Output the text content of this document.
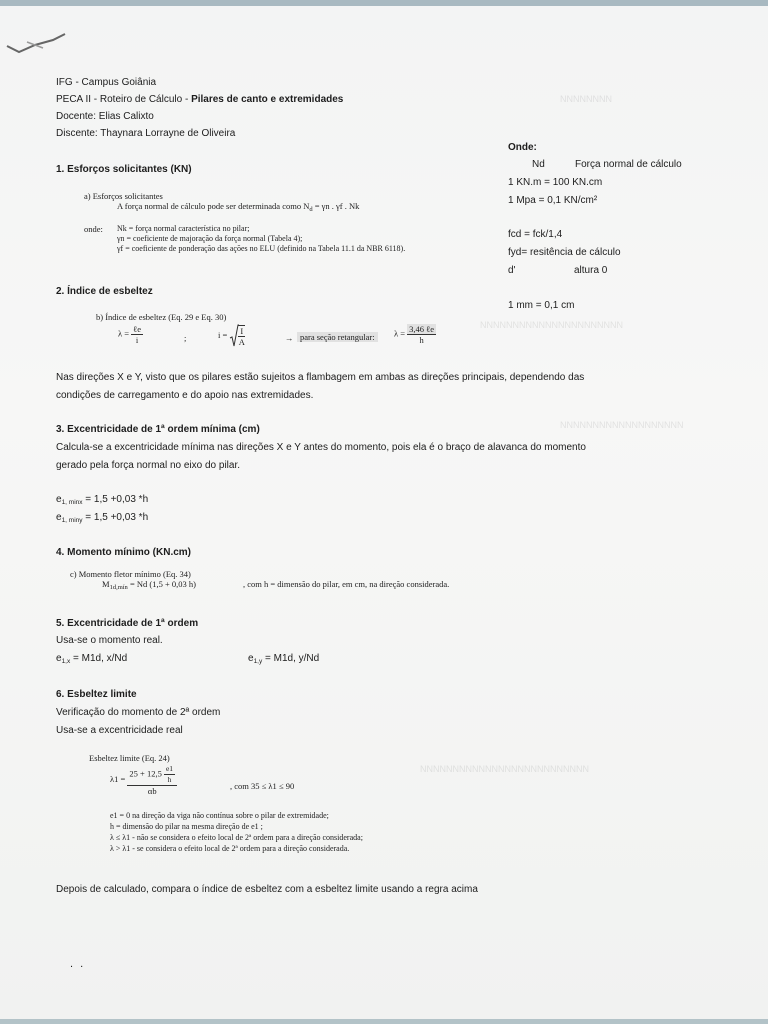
NNNNNNNN
NNNNNNNNNNNNNNNNNNNNNN
NNNNNNNNNNNNNNNNNNN
NNNNNNNNNNNNNNNNNNNNNNNNNN
IFG - Campus Goiânia
PECA II - Roteiro de Cálculo - Pilares de canto e extremidades
Docente: Elias Calixto
Discente: Thaynara Lorrayne de Oliveira
Onde:
Nd	Força normal de cálculo
1 KN.m = 100 KN.cm
1 Mpa = 0,1 KN/cm²
fcd = fck/1,4
fyd= resitência de cálculo
d'	altura 0
1 mm = 0,1 cm
1. Esforços solicitantes (KN)
a) Esforços solicitantes
A força normal de cálculo pode ser determinada como $N_d = \gamma n$ . γf . Nk
onde: Nk = força normal característica no pilar;
γn = coeficiente de majoração da força normal (Tabela 4);
γf = coeficiente de ponderação das ações no ELU (definido na Tabela 11.1 da NBR 6118).
2. Índice de esbeltez
b) Índice de esbeltez (Eq. 29 e Eq. 30)
$\lambda = \frac{\text{ℓe}}{i}$	;	$i = \frac{I}{A}$	→ para seção retangular:	$\lambda = \frac{\text{3,46 ℓe}}{h}$
Nas direções X e Y, visto que os pilares estão sujeitos a flambagem em ambas as direções principais, dependendo das
condições de carregamento e do apoio nas extremidades.
3. Excentricidade de 1ª ordem mínima (cm)
Calcula-se a excentricidade mínima nas direções X e Y antes do momento, pois ela é o braço de alavanca do momento
gerado pela força normal no eixo do pilar.
$e_{1, minx} = 1,5 +0,03$ *h
$e_{1, miny} = 1,5 +0,03$ *h
4. Momento mínimo (KN.cm)
c) Momento fletor mínimo (Eq. 34)
$M_{1d,mín} = Nd$ (1,5 + 0,03 h)	, com h = dimensão do pilar, em cm, na direção considerada.
5. Excentricidade de 1ª ordem
Usa-se o momento real.
$e_{1,x} = M1d$, x/Nd	$e_{1,y} = M1d$, y/Nd
6. Esbeltez limite
Verificação do momento de 2ª ordem
Usa-se a excentricidade real
Esbeltez limite (Eq. 24)
$\lambda 1 = \frac{25 + 12,5 \frac{e1}{h}}{\alpha b}$	, com 35 ≤ λ1 ≤ 90
e1 = 0 na direção da viga não contínua sobre o pilar de extremidade;
h = dimensão do pilar na mesma direção de e1 ;
λ ≤ λ1 - não se considera o efeito local de 2ª ordem para a direção considerada;
λ > λ1 - se considera o efeito local de 2ª ordem para a direção considerada.
Depois de calculado, compara o índice de esbeltez com a esbeltez limite usando a regra acima
. .
